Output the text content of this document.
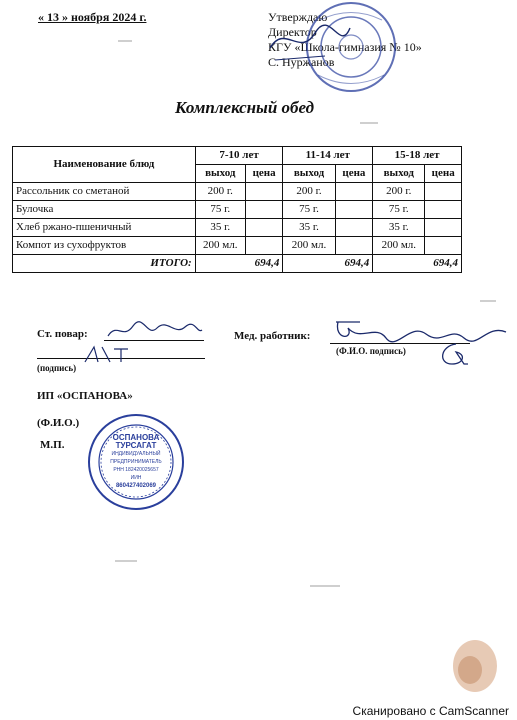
« 13 » ноября 2024 г.	Утверждаю
Директор
КГУ «Школа-гимназия № 10»
С. Нуржанов
Комплексный обед
Наименование блюд	7-10 лет		11-14 лет		15-18 лет	
	выход	цена	выход	цена	выход	цена
Рассольник со сметаной	200 г.		200 г.		200 г.	
Булочка	75 г.		75 г.		75 г.	
Хлеб ржано-пшеничный	35 г.		35 г.		35 г.	
Компот из сухофруктов	200 мл.		200 мл.		200 мл.	
ИТОГО:	694,4		694,4		694,4	
Ст. повар:
(подпись)
Мед. работник:
(Ф.И.О. подпись)
ИП «ОСПАНОВА»
(Ф.И.О.)
М.П.
ОСПАНОВА
ТУРСАГАТ
ИНДИВИДУАЛЬНЫЙ
ПРЕДПРИНИМАТЕЛЬ
РНН 182420025657
ИИН
860427402069
Сканировано с CamScanner
